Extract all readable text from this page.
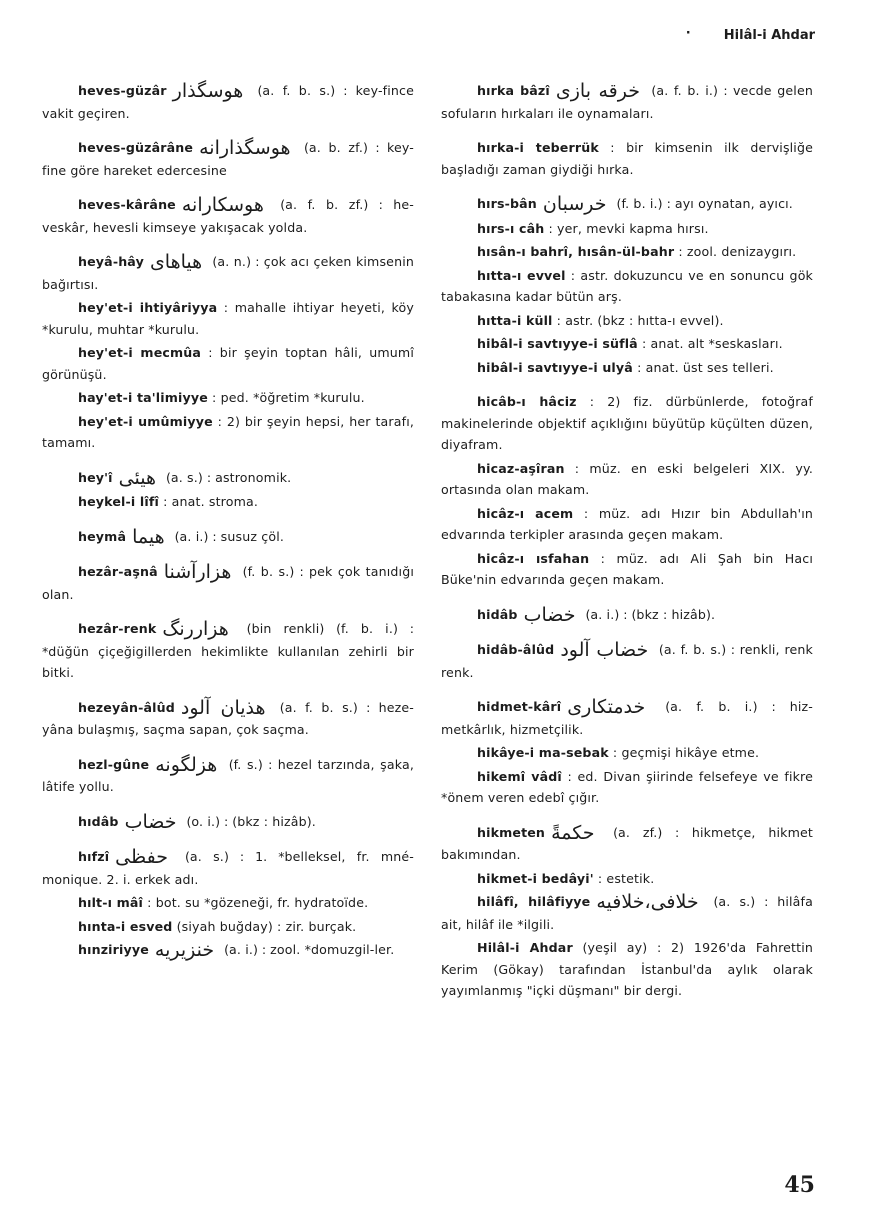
·	Hilâl-i Ahdar
heves-güzâr هوسگذار (a. f. b. s.) : key-fince vakit geçiren.
heves-güzârâne هوسگذارانه (a. b. zf.) : key-fine göre hareket edercesine
heves-kârâne هوسكارانه (a. f. b. zf.) : he-veskâr, hevesli kimseye yakışacak yolda.
heyâ-hây هياهاى (a. n.) : çok acı çeken kimsenin bağırtısı.
hey'et-i ihtiyâriyya : mahalle ihtiyar heyeti, köy *kurulu, muhtar *kurulu.
hey'et-i mecmûa : bir şeyin toptan hâli, umumî görünüşü.
hay'et-i ta'limiyye : ped. *öğretim *kurulu.
hey'et-i umûmiyye : 2) bir şeyin hepsi, her tarafı, tamamı.
hey'î هيئى (a. s.) : astronomik.
heykel-i lîfî : anat. stroma.
heymâ هيما (a. i.) : susuz çöl.
hezâr-aşnâ هزارآشنا (f. b. s.) : pek çok tanıdığı olan.
hezâr-renk هزاررنگ (bin renkli) (f. b. i.) : *düğün çiçeğigillerden hekimlikte kullanılan zehirli bir bitki.
hezeyân-âlûd هذيان آلود (a. f. b. s.) : heze-yâna bulaşmış, saçma sapan, çok saçma.
hezl-gûne هزلگونه (f. s.) : hezel tarzında, şaka, lâtife yollu.
hıdâb خضاب (o. i.) : (bkz : hizâb).
hıfzî حفظى (a. s.) : 1. *belleksel, fr. mné-monique. 2. i. erkek adı.
hılt-ı mâî : bot. su *gözeneği, fr. hydratoïde.
hınta-i esved (siyah buğday) : zir. burçak.
hınziriyye خنزيريه (a. i.) : zool. *domuzgil-ler.
hırka bâzî خرقه بازى (a. f. b. i.) : vecde gelen sofuların hırkaları ile oynamaları.
hırka-i teberrük : bir kimsenin ilk dervişliğe başladığı zaman giydiği hırka.
hırs-bân خرسبان (f. b. i.) : ayı oynatan, ayıcı.
hırs-ı câh : yer, mevki kapma hırsı.
hısân-ı bahrî, hısân-ül-bahr : zool. denizaygırı.
hıtta-ı evvel : astr. dokuzuncu ve en sonuncu gök tabakasına kadar bütün arş.
hıtta-i küll : astr. (bkz : hıtta-ı evvel).
hibâl-i savtıyye-i süflâ : anat. alt *seskasları.
hibâl-i savtıyye-i ulyâ : anat. üst ses telleri.
hicâb-ı hâciz : 2) fiz. dürbünlerde, fotoğraf makinelerinde objektif açıklığını büyütüp küçülten düzen, diyafram.
hicaz-aşîran : müz. en eski belgeleri XIX. yy. ortasında olan makam.
hicâz-ı acem : müz. adı Hızır bin Abdullah'ın edvarında terkipler arasında geçen makam.
hicâz-ı ısfahan : müz. adı Ali Şah bin Hacı Büke'nin edvarında geçen makam.
hidâb خضاب (a. i.) : (bkz : hizâb).
hidâb-âlûd خضاب آلود (a. f. b. s.) : renkli, renk renk.
hidmet-kârî خدمتكارى (a. f. b. i.) : hiz-metkârlık, hizmetçilik.
hikâye-i ma-sebak : geçmişi hikâye etme.
hikemî vâdî : ed. Divan şiirinde felsefeye ve fikre *önem veren edebî çığır.
hikmeten حكمةً (a. zf.) : hikmetçe, hikmet bakımından.
hikmet-i bedâyi' : estetik.
hilâfî, hilâfiyye خلافى،خلافيه (a. s.) : hilâfa ait, hilâf ile *ilgili.
Hilâl-i Ahdar (yeşil ay) : 2) 1926'da Fahrettin Kerim (Gökay) tarafından İstanbul'da aylık olarak yayımlanmış "içki düşmanı" bir dergi.
45
